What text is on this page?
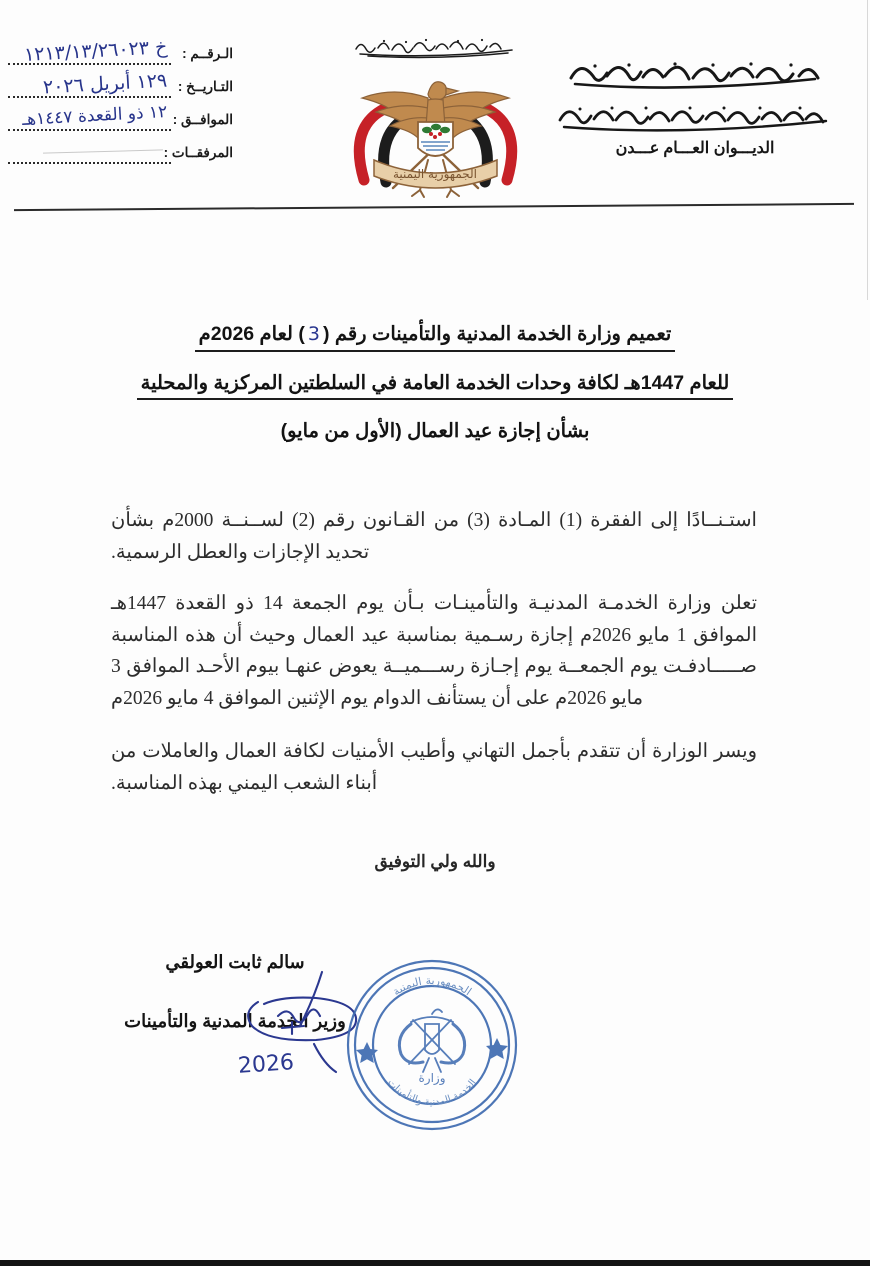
الـرقــم :
خ ١٢١٣/١٣/٢٦٠٢٣
التـاريــخ :
١٢٩ أبريل ٢٠٢٦
الموافــق :
١٢ ذو القعدة ١٤٤٧هـ
المرفقــات :
الجمهورية اليمنية
الديـــوان العـــام عـــدن
تعميم وزارة الخدمة المدنية والتأمينات رقم (3) لعام 2026م
للعام 1447هـ لكافة وحدات الخدمة العامة في السلطتين المركزية والمحلية
بشأن إجازة عيد العمال (الأول من مايو)

استـنــادًا إلى الفقرة (1) المـادة (3) من القـانون رقم (2) لســنــة 2000م بشأن تحديد الإجازات والعطل الرسمية.

تعلن وزارة الخدمـة المدنيـة والتأمينـات بـأن يوم الجمعة 14 ذو القعدة 1447هـ الموافق 1 مايو 2026م إجازة رسـمية بمناسبة عيد العمال وحيث أن هذه المناسبة صـــــادفـت يوم الجمعــة يوم إجـازة رســـميــة يعوض عنهـا بيوم الأحـد الموافق 3 مايو 2026م على أن يستأنف الدوام يوم الإثنين الموافق 4 مايو 2026م

ويسر الوزارة أن تتقدم بأجمل التهاني وأطيب الأمنيات لكافة العمال والعاملات من أبناء الشعب اليمني بهذه المناسبة.

والله ولي التوفيق
سالم ثابت العولقي
وزير الخدمة المدنية والتأمينات
2026
الجمهورية اليمنية
الخدمة المدنية والتأمينات
وزارة
